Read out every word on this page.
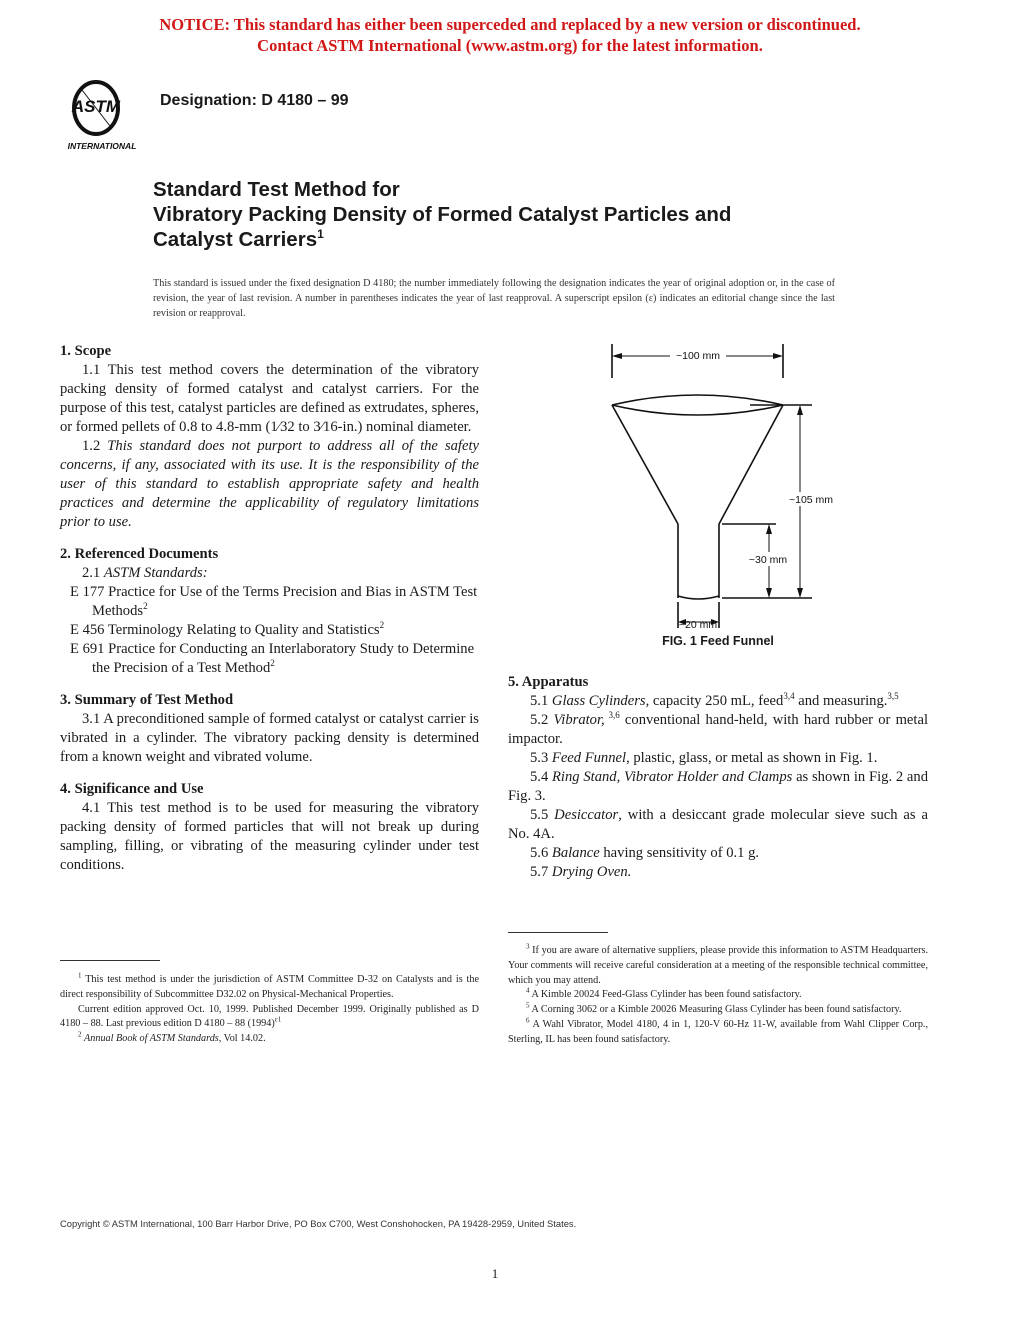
NOTICE: This standard has either been superceded and replaced by a new version or discontinued.
Contact ASTM International (www.astm.org) for the latest information.
ASTM
INTERNATIONAL
Designation: D 4180 – 99
Standard Test Method for
Vibratory Packing Density of Formed Catalyst Particles and
Catalyst Carriers$^1$
This standard is issued under the fixed designation D 4180; the number immediately following the designation indicates the year of original adoption or, in the case of revision, the year of last revision. A number in parentheses indicates the year of last reapproval. A superscript epsilon (ε) indicates an editorial change since the last revision or reapproval.

1. Scope

1.1 This test method covers the determination of the vibratory packing density of formed catalyst and catalyst carriers. For the purpose of this test, catalyst particles are defined as extrudates, spheres, or formed pellets of 0.8 to 4.8-mm (1⁄32 to 3⁄16-in.) nominal diameter.

1.2 This standard does not purport to address all of the safety concerns, if any, associated with its use. It is the responsibility of the user of this standard to establish appropriate safety and health practices and determine the applicability of regulatory limitations prior to use.

2. Referenced Documents

2.1 ASTM Standards:

E 177 Practice for Use of the Terms Precision and Bias in ASTM Test Methods$^2$

E 456 Terminology Relating to Quality and Statistics$^2$

E 691 Practice for Conducting an Interlaboratory Study to Determine the Precision of a Test Method$^2$

3. Summary of Test Method

3.1 A preconditioned sample of formed catalyst or catalyst carrier is vibrated in a cylinder. The vibratory packing density is determined from a known weight and vibrated volume.

4. Significance and Use

4.1 This test method is to be used for measuring the vibratory packing density of formed particles that will not break up during sampling, filling, or vibrating of the measuring cylinder under test conditions.

~100 mm
~105 mm
~30 mm
~20 mm
FIG. 1 Feed Funnel

5. Apparatus

5.1 Glass Cylinders, capacity 250 mL, feed$^{3,4}$ and measuring.$^{3,5}$

5.2 Vibrator, $^{3,6}$ conventional hand-held, with hard rubber or metal impactor.

5.3 Feed Funnel, plastic, glass, or metal as shown in Fig. 1.

5.4 Ring Stand, Vibrator Holder and Clamps as shown in Fig. 2 and Fig. 3.

5.5 Desiccator, with a desiccant grade molecular sieve such as a No. 4A.

5.6 Balance having sensitivity of 0.1 g.

5.7 Drying Oven.

$^1$ This test method is under the jurisdiction of ASTM Committee D-32 on Catalysts and is the direct responsibility of Subcommittee D32.02 on Physical-Mechanical Properties.

Current edition approved Oct. 10, 1999. Published December 1999. Originally published as D 4180 – 88. Last previous edition D 4180 – 88 $(1994)^{\varepsilon 1}$

$^2$ Annual Book of ASTM Standards, Vol 14.02.

$^3$ If you are aware of alternative suppliers, please provide this information to ASTM Headquarters. Your comments will receive careful consideration at a meeting of the responsible technical committee, which you may attend.

$^4$ A Kimble 20024 Feed-Glass Cylinder has been found satisfactory.

$^5$ A Corning 3062 or a Kimble 20026 Measuring Glass Cylinder has been found satisfactory.

$^6$ A Wahl Vibrator, Model 4180, 4 in 1, 120-V 60-Hz 11-W, available from Wahl Clipper Corp., Sterling, IL has been found satisfactory.

Copyright © ASTM International, 100 Barr Harbor Drive, PO Box C700, West Conshohocken, PA 19428-2959, United States.
1
